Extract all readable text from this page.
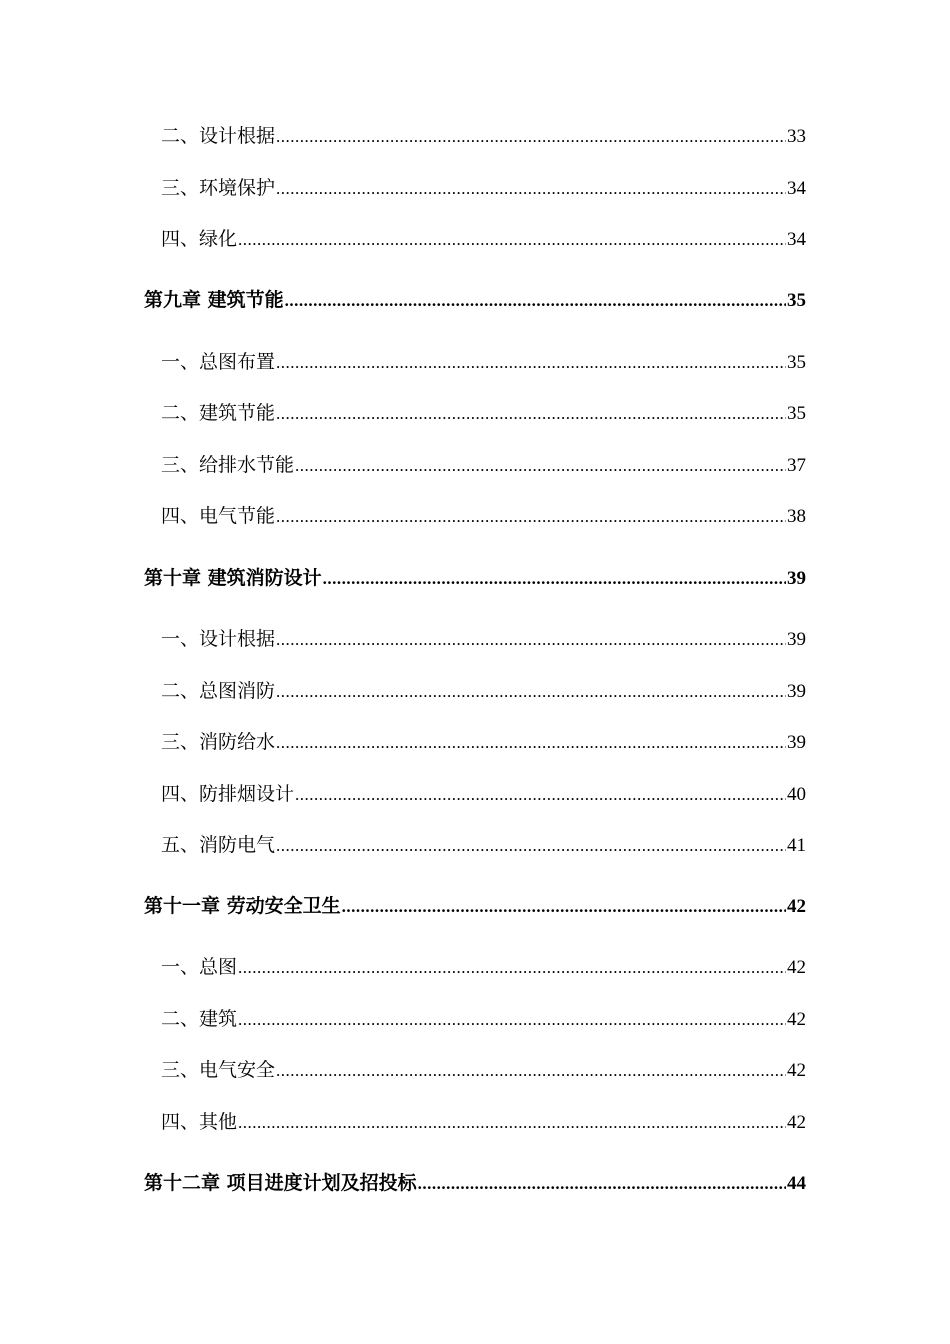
二、设计根据 .....	33
三、环境保护 .....	34
四、绿化 .....	34
第九章 建筑节能 .....	35
一、总图布置 .....	35
二、建筑节能 .....	35
三、给排水节能 .....	37
四、电气节能 .....	38
第十章 建筑消防设计 .....	39
一、设计根据 .....	39
二、总图消防 .....	39
三、消防给水 .....	39
四、防排烟设计 .....	40
五、消防电气 .....	41
第十一章 劳动安全卫生 .....	42
一、总图 .....	42
二、建筑 .....	42
三、电气安全 .....	42
四、其他 .....	42
第十二章 项目进度计划及招投标 .....	44
